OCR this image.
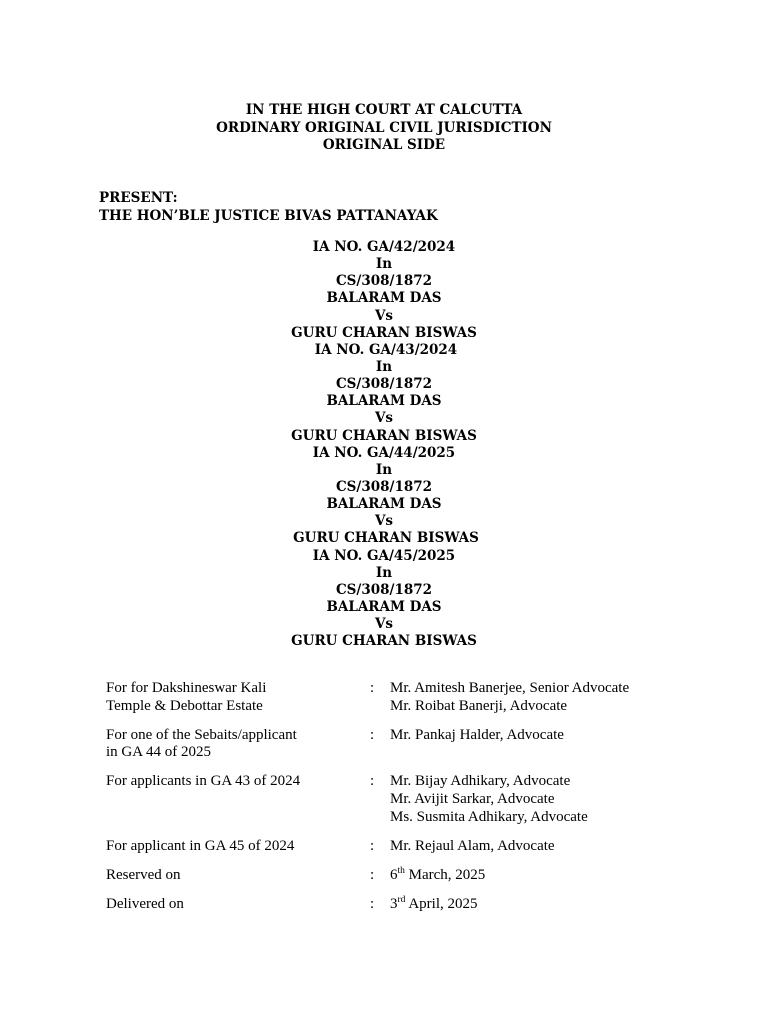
IN THE HIGH COURT AT CALCUTTA
ORDINARY ORIGINAL CIVIL JURISDICTION
ORIGINAL SIDE
PRESENT:
THE HON’BLE JUSTICE BIVAS PATTANAYAK
IA NO. GA/42/2024
In
CS/308/1872
BALARAM DAS
Vs
GURU CHARAN BISWAS
IA NO. GA/43/2024
In
CS/308/1872
BALARAM DAS
Vs
GURU CHARAN BISWAS
IA NO. GA/44/2025
In
CS/308/1872
BALARAM DAS
Vs
GURU CHARAN BISWAS
IA NO. GA/45/2025
In
CS/308/1872
BALARAM DAS
Vs
GURU CHARAN BISWAS
For for Dakshineswar Kali
Temple & Debottar Estate
:	Mr. Amitesh Banerjee, Senior Advocate
Mr. Roibat Banerji, Advocate
For one of the Sebaits/applicant
in GA 44 of 2025
:	Mr. Pankaj Halder, Advocate
For applicants in GA 43 of 2024	:	Mr. Bijay Adhikary, Advocate
Mr. Avijit Sarkar, Advocate
Ms. Susmita Adhikary, Advocate
For applicant in GA 45 of 2024	:	Mr. Rejaul Alam, Advocate
Reserved on	:	6th March, 2025
Delivered on	:	3rd April, 2025
